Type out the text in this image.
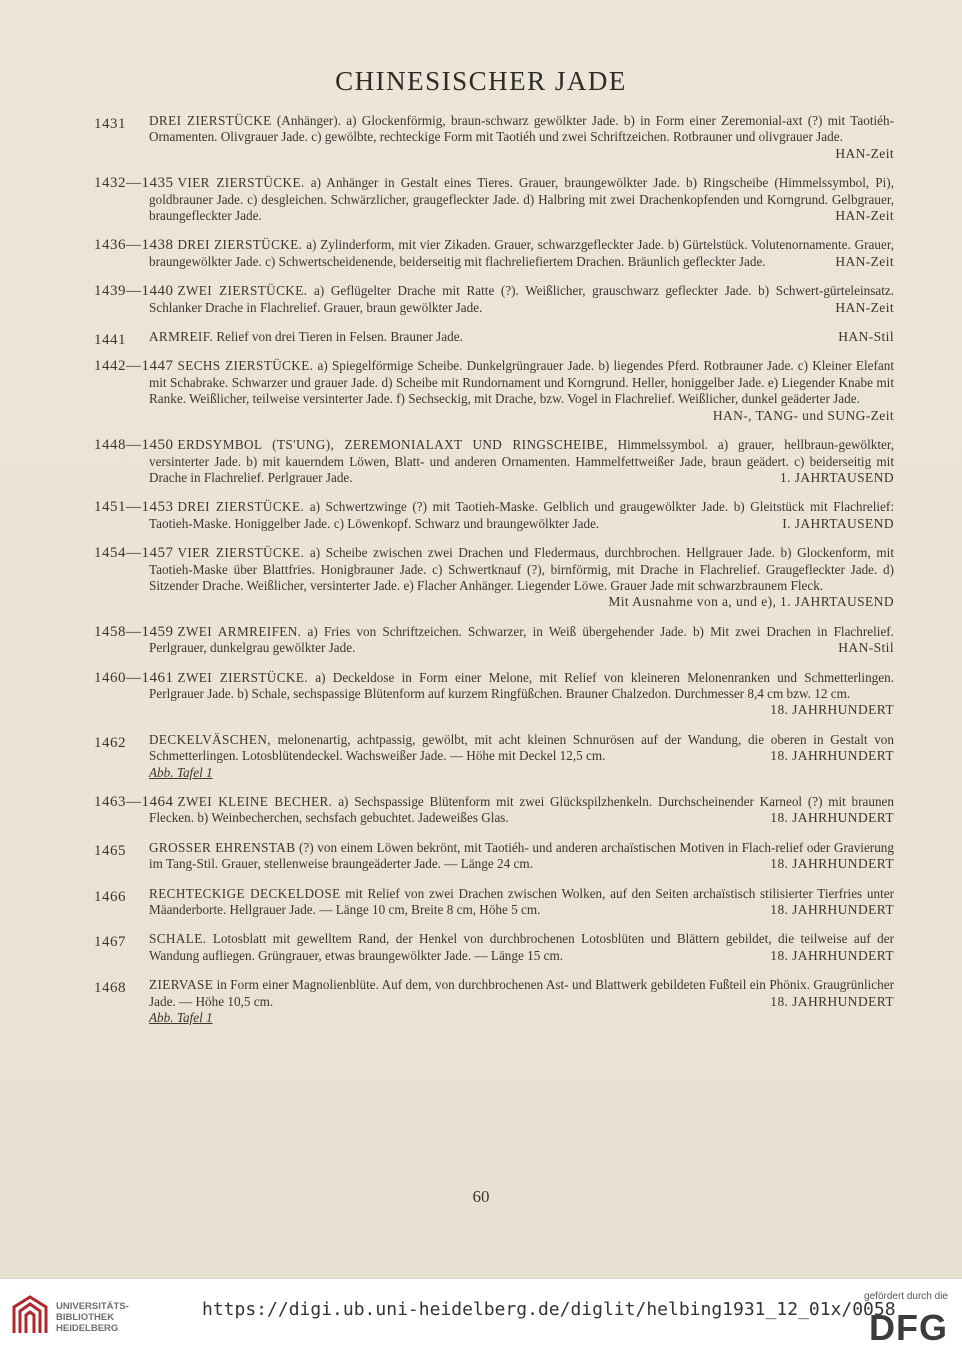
CHINESISCHER JADE
1431	DREI ZIERSTÜCKE (Anhänger). a) Glockenförmig, braun-schwarz gewölkter Jade. b) in Form einer Zeremonial-axt (?) mit Taotiéh-Ornamenten. Olivgrauer Jade. c) gewölbte, rechteckige Form mit Taotiéh und zwei Schriftzeichen. Rotbrauner und olivgrauer Jade.
HAN-Zeit
1432—1435 VIER ZIERSTÜCKE. a) Anhänger in Gestalt eines Tieres. Grauer, braungewölkter Jade. b) Ringscheibe (Himmelssymbol, Pi), goldbrauner Jade. c) desgleichen. Schwärzlicher, graugefleckter Jade. d) Halbring mit zwei Drachenkopfenden und Korngrund. Gelbgrauer, braungefleckter Jade.	HAN-Zeit
1436—1438 DREI ZIERSTÜCKE. a) Zylinderform, mit vier Zikaden. Grauer, schwarzgefleckter Jade. b) Gürtelstück. Volutenornamente. Grauer, braungewölkter Jade. c) Schwertscheidenende, beiderseitig mit flachreliefiertem Drachen. Bräunlich gefleckter Jade.	HAN-Zeit
1439—1440 ZWEI ZIERSTÜCKE. a) Geflügelter Drache mit Ratte (?). Weißlicher, grauschwarz gefleckter Jade. b) Schwert-gürteleinsatz. Schlanker Drache in Flachrelief. Grauer, braun gewölkter Jade.	HAN-Zeit
1441	ARMREIF. Relief von drei Tieren in Felsen. Brauner Jade.	HAN-Stil
1442—1447 SECHS ZIERSTÜCKE. a) Spiegelförmige Scheibe. Dunkelgrüngrauer Jade. b) liegendes Pferd. Rotbrauner Jade. c) Kleiner Elefant mit Schabrake. Schwarzer und grauer Jade. d) Scheibe mit Rundornament und Korngrund. Heller, honiggelber Jade. e) Liegender Knabe mit Ranke. Weißlicher, teilweise versinterter Jade. f) Sechseckig, mit Drache, bzw. Vogel in Flachrelief. Weißlicher, dunkel geäderter Jade.
HAN-, TANG- und SUNG-Zeit
1448—1450 ERDSYMBOL (TS'UNG), ZEREMONIALAXT UND RINGSCHEIBE, Himmelssymbol. a) grauer, hellbraun-gewölkter, versinterter Jade. b) mit kauerndem Löwen, Blatt- und anderen Ornamenten. Hammelfettweißer Jade, braun geädert. c) beiderseitig mit Drache in Flachrelief. Perlgrauer Jade.	1. JAHRTAUSEND
1451—1453 DREI ZIERSTÜCKE. a) Schwertzwinge (?) mit Taotieh-Maske. Gelblich und graugewölkter Jade. b) Gleitstück mit Flachrelief: Taotieh-Maske. Honiggelber Jade. c) Löwenkopf. Schwarz und braungewölkter Jade.	I. JAHRTAUSEND
1454—1457 VIER ZIERSTÜCKE. a) Scheibe zwischen zwei Drachen und Fledermaus, durchbrochen. Hellgrauer Jade. b) Glockenform, mit Taotieh-Maske über Blattfries. Honigbrauner Jade. c) Schwertknauf (?), birnförmig, mit Drache in Flachrelief. Graugefleckter Jade. d) Sitzender Drache. Weißlicher, versinterter Jade. e) Flacher Anhänger. Liegender Löwe. Grauer Jade mit schwarzbraunem Fleck.
Mit Ausnahme von a, und e), 1. JAHRTAUSEND
1458—1459 ZWEI ARMREIFEN. a) Fries von Schriftzeichen. Schwarzer, in Weiß übergehender Jade. b) Mit zwei Drachen in Flachrelief. Perlgrauer, dunkelgrau gewölkter Jade.	HAN-Stil
1460—1461 ZWEI ZIERSTÜCKE. a) Deckeldose in Form einer Melone, mit Relief von kleineren Melonenranken und Schmetterlingen. Perlgrauer Jade. b) Schale, sechspassige Blütenform auf kurzem Ringfüßchen. Brauner Chalzedon. Durchmesser 8,4 cm bzw. 12 cm.
18. JAHRHUNDERT
1462	DECKELVÄSCHEN, melonenartig, achtpassig, gewölbt, mit acht kleinen Schnurösen auf der Wandung, die oberen in Gestalt von Schmetterlingen. Lotosblütendeckel. Wachsweißer Jade. — Höhe mit Deckel 12,5 cm.	18. JAHRHUNDERT
Abb. Tafel 1
1463—1464 ZWEI KLEINE BECHER. a) Sechspassige Blütenform mit zwei Glückspilzhenkeln. Durchscheinender Karneol (?) mit braunen Flecken. b) Weinbecherchen, sechsfach gebuchtet. Jadeweißes Glas.	18. JAHRHUNDERT
1465	GROSSER EHRENSTAB (?) von einem Löwen bekrönt, mit Taotiéh- und anderen archaïstischen Motiven in Flach-relief oder Gravierung im Tang-Stil. Grauer, stellenweise braungeäderter Jade. — Länge 24 cm.	18. JAHRHUNDERT
1466	RECHTECKIGE DECKELDOSE mit Relief von zwei Drachen zwischen Wolken, auf den Seiten archaïstisch stilisierter Tierfries unter Mäanderborte. Hellgrauer Jade. — Länge 10 cm, Breite 8 cm, Höhe 5 cm.	18. JAHRHUNDERT
1467	SCHALE. Lotosblatt mit gewelltem Rand, der Henkel von durchbrochenen Lotosblüten und Blättern gebildet, die teilweise auf der Wandung aufliegen. Grüngrauer, etwas braungewölkter Jade. — Länge 15 cm.	18. JAHRHUNDERT
1468	ZIERVASE in Form einer Magnolienblüte. Auf dem, von durchbrochenen Ast- und Blattwerk gebildeten Fußteil ein Phönix. Graugrünlicher Jade. — Höhe 10,5 cm.	18. JAHRHUNDERT
Abb. Tafel 1
60
UNIVERSITÄTS-
BIBLIOTHEK
HEIDELBERG
https://digi.ub.uni-heidelberg.de/diglit/helbing1931_12_01x/0058
gefördert durch die
DFG
